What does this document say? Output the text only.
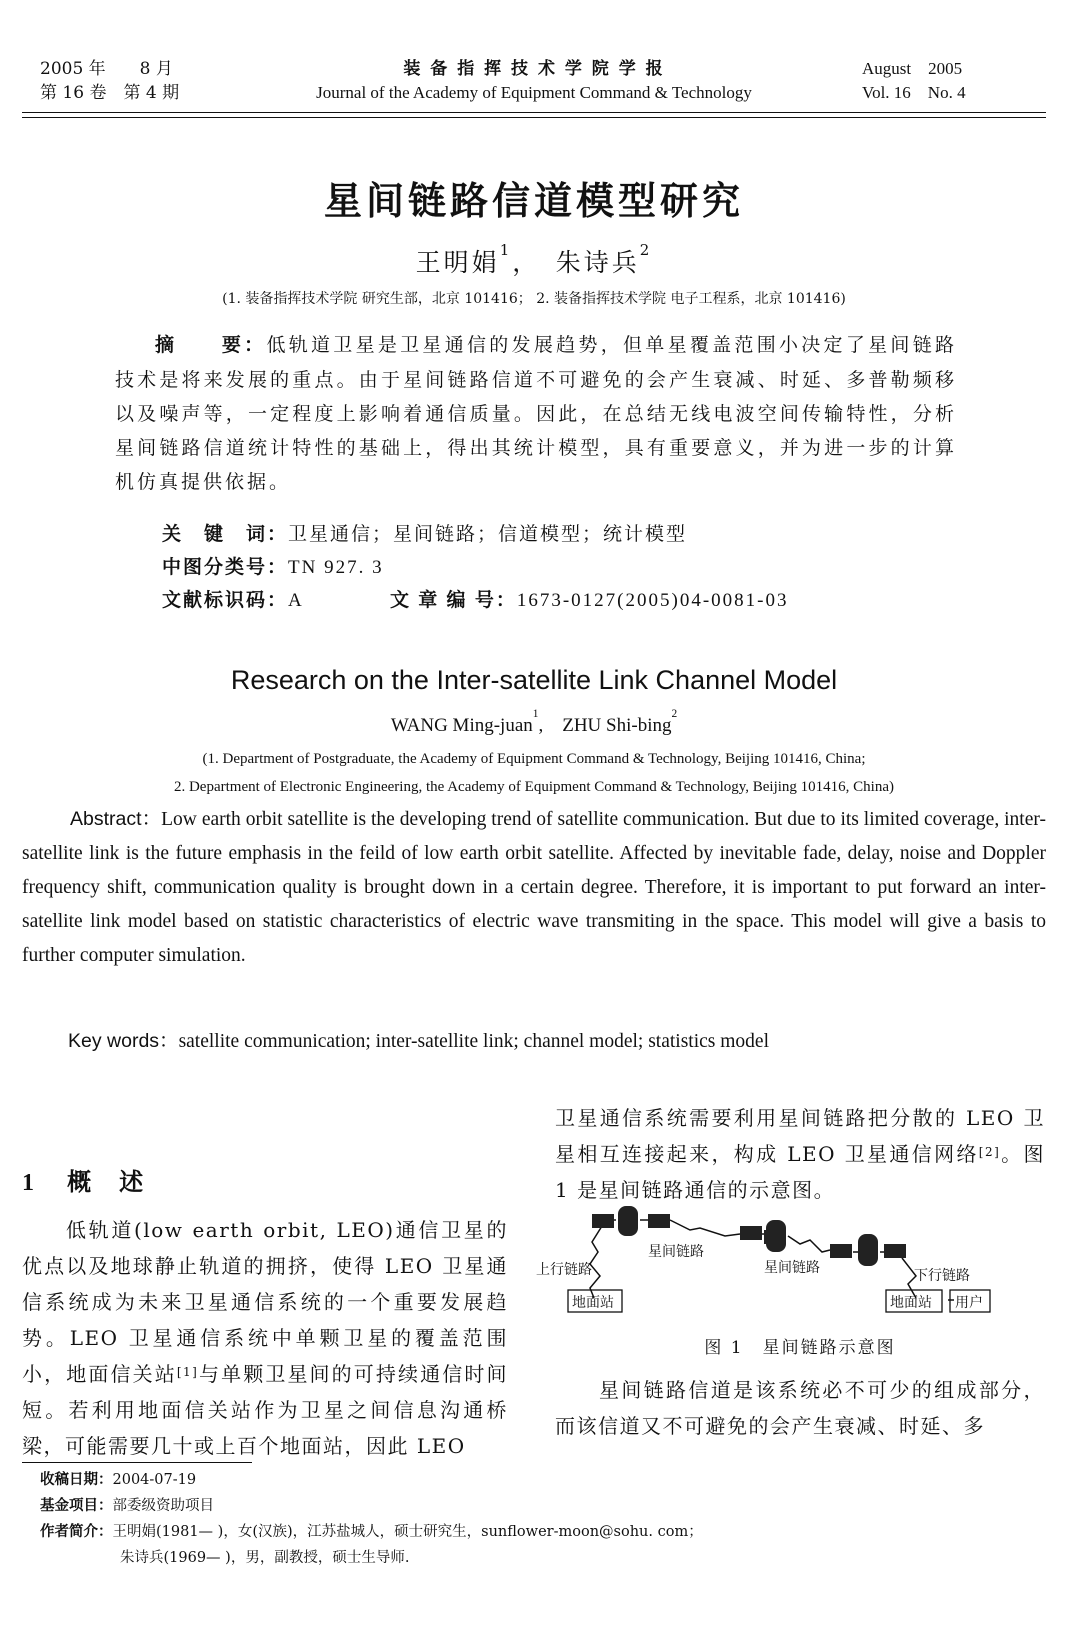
2005 年　　8 月
第 16 卷　第 4 期
装 备 指 挥 技 术 学 院 学 报
Journal of the Academy of Equipment Command & Technology
August　2005
Vol. 16　No. 4
星间链路信道模型研究
王明娟$^1$，　 朱诗兵$^2$
(1. 装备指挥技术学院 研究生部，北京 101416； 2. 装备指挥技术学院 电子工程系，北京 101416)
摘　　要：低轨道卫星是卫星通信的发展趋势，但单星覆盖范围小决定了星间链路技术是将来发展的重点。由于星间链路信道不可避免的会产生衰减、时延、多普勒频移以及噪声等，一定程度上影响着通信质量。因此，在总结无线电波空间传输特性，分析星间链路信道统计特性的基础上，得出其统计模型，具有重要意义，并为进一步的计算机仿真提供依据。
关　键　词：卫星通信；星间链路；信道模型；统计模型
中图分类号：TN 927. 3
文献标识码：A	文 章 编 号：1673-0127(2005)04-0081-03
Research on the Inter-satellite Link Channel Model
WANG Ming-juan$^1$,　ZHU Shi-bing$^2$
(1. Department of Postgraduate, the Academy of Equipment Command & Technology, Beijing 101416, China;
2. Department of Electronic Engineering, the Academy of Equipment Command & Technology, Beijing 101416, China)
Abstract：Low earth orbit satellite is the developing trend of satellite communication. But due to its limited coverage, inter-satellite link is the future emphasis in the feild of low earth orbit satellite. Affected by inevitable fade, delay, noise and Doppler frequency shift, communication quality is brought down in a certain degree. Therefore, it is important to put forward an inter-satellite link model based on statistic characteristics of electric wave transmiting in the space. This model will give a basis to further computer simulation.
Key words：satellite communication; inter-satellite link; channel model; statistics model
1 概　述
低轨道(low earth orbit, LEO)通信卫星的优点以及地球静止轨道的拥挤，使得 LEO 卫星通信系统成为未来卫星通信系统的一个重要发展趋势。LEO 卫星通信系统中单颗卫星的覆盖范围小，地面信关站[1]与单颗卫星间的可持续通信时间短。若利用地面信关站作为卫星之间信息沟通桥梁，可能需要几十或上百个地面站，因此 LEO
卫星通信系统需要利用星间链路把分散的 LEO 卫星相互连接起来，构成 LEO 卫星通信网络[2]。图 1 是星间链路通信的示意图。
上行链路
星间链路
星间链路	下行链路
地面站	地面站 用户
图 1　星间链路示意图
星间链路信道是该系统必不可少的组成部分，而该信道又不可避免的会产生衰减、时延、多
收稿日期：2004-07-19
基金项目：部委级资助项目
作者简介：王明娟(1981— )，女(汉族)，江苏盐城人，硕士研究生，sunflower-moon@sohu. com；
朱诗兵(1969— )，男，副教授，硕士生导师.
